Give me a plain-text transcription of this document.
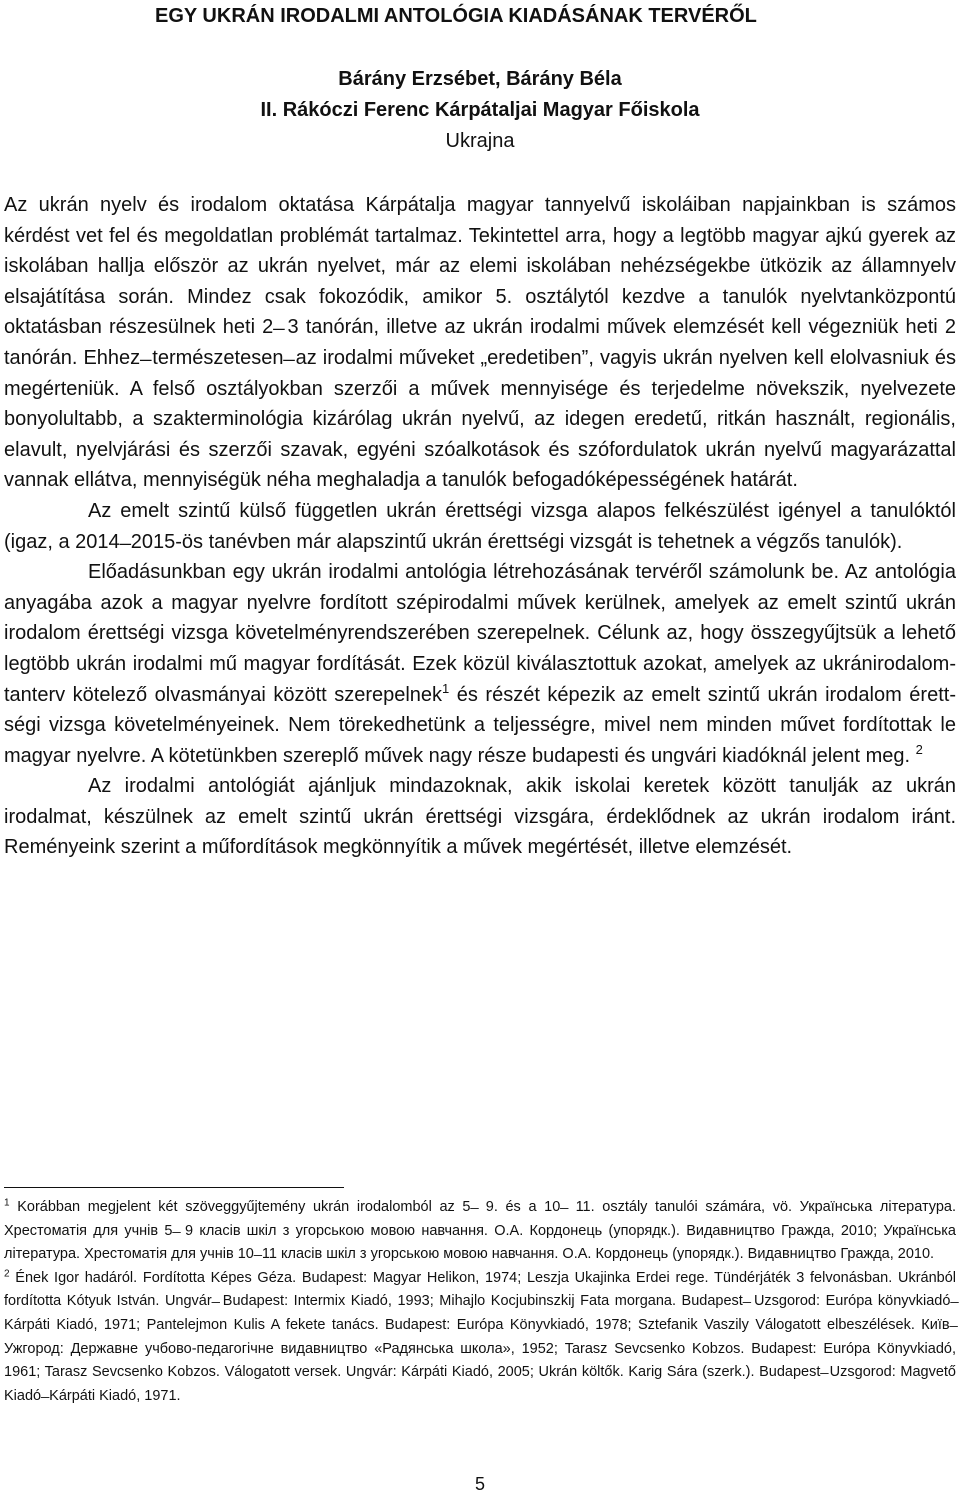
EGY UKRÁN IRODALMI ANTOLÓGIA KIADÁSÁNAK TERVÉRŐL
Bárány Erzsébet, Bárány Béla
II. Rákóczi Ferenc Kárpátaljai Magyar Főiskola
Ukrajna

Az ukrán nyelv és irodalom oktatása Kárpátalja magyar tannyelvű iskoláiban napjainkban is számos kérdést vet fel és megoldatlan problémát tartalmaz. Tekintettel arra, hogy a legtöbb magyar ajkú gyerek az iskolában hallja először az ukrán nyelvet, már az elemi iskolában nehézségekbe ütközik az államnyelv elsajátítása során. Mindez csak fokozódik, amikor 5. osztálytól kezdve a tanulók nyelvtanközpontú oktatásban részesülnek heti 2 ̶ 3 tanórán, illetve az ukrán irodalmi művek elemzését kell végezniük heti 2 tanórán. Ehhez ̶ természetesen ̶ az irodalmi műveket „eredetiben”, vagyis ukrán nyelven kell elolvasniuk és megérteniük. A felső osztályokban szerzői a művek mennyisége és terjedelme növekszik, nyelvezete bonyolultabb, a szakterminológia kizárólag ukrán nyelvű, az idegen eredetű, ritkán használt, regionális, elavult, nyelvjárási és szerzői szavak, egyéni szóalkotások és szófordulatok ukrán nyelvű magyarázattal vannak ellátva, mennyiségük néha meghaladja a tanulók befogadóképességének határát.

Az emelt szintű külső független ukrán érettségi vizsga alapos felkészülést igényel a tanulóktól (igaz, a 2014 ̶ 2015-ös tanévben már alapszintű ukrán érettségi vizsgát is tehetnek a végzős tanulók).

Előadásunkban egy ukrán irodalmi antológia létrehozásának tervéről számolunk be. Az antológia anyagába azok a magyar nyelvre fordított szépirodalmi művek kerülnek, amelyek az emelt szintű ukrán irodalom érettségi vizsga követelményrendszerében szerepelnek. Célunk az, hogy összegyűjtsük a lehető legtöbb ukrán irodalmi mű magyar fordítását. Ezek közül kiválasztottuk azokat, amelyek az ukránirodalom-tanterv kötelező olvasmányai között szerepelnek$^1$ és részét képezik az emelt szintű ukrán irodalom érettségi vizsga követelményeinek. Nem törekedhetünk a teljességre, mivel nem minden művet fordítottak le magyar nyelvre. A kötetünkben szereplő művek nagy része budapesti és ungvári kiadóknál jelent meg. $^2$

Az irodalmi antológiát ajánljuk mindazoknak, akik iskolai keretek között tanulják az ukrán irodalmat, készülnek az emelt szintű ukrán érettségi vizsgára, érdeklődnek az ukrán irodalom iránt. Reményeink szerint a műfordítások megkönnyítik a művek megértését, illetve elemzését.

$^1$ Korábban megjelent két szöveggyűjtemény ukrán irodalomból az 5 ̶ 9. és a 10 ̶ 11. osztály tanulói számára, vö. Українська література. Хрестоматія для учнів 5 ̶ 9 класів шкіл з угорською мовою навчання. О.А. Кордонець (упорядк.). Видавництво Гражда, 2010; Українська література. Хрестоматія для учнів 10 ̶ 11 класів шкіл з угорською мовою навчання. О.А. Кордонець (упорядк.). Видавництво Гражда, 2010.

$^2$ Ének Igor hadáról. Fordította Képes Géza. Budapest: Magyar Helikon, 1974; Leszja Ukajinka Erdei rege. Tündérjáték 3 felvonásban. Ukránból fordította Kótyuk István. Ungvár ̶ Budapest: Intermix Kiadó, 1993; Mihajlo Kocjubinszkij Fata morgana. Budapest ̶ Uzsgorod: Európa könyvkiadó ̶ Kárpáti Kiadó, 1971; Pantelejmon Kulis A fekete tanács. Budapest: Európa Könyvkiadó, 1978; Sztefanik Vaszily Válogatott elbeszélések. Київ ̶ Ужгород: Державне учбово-педагогічне видавництво «Радянська школа», 1952; Tarasz Sevcsenko Kobzos. Budapest: Európa Könyvkiadó, 1961; Tarasz Sevcsenko Kobzos. Válogatott versek. Ungvár: Kárpáti Kiadó, 2005; Ukrán költők. Karig Sára (szerk.). Budapest ̶ Uzsgorod: Magvető Kiadó ̶ Kárpáti Kiadó, 1971.

5
